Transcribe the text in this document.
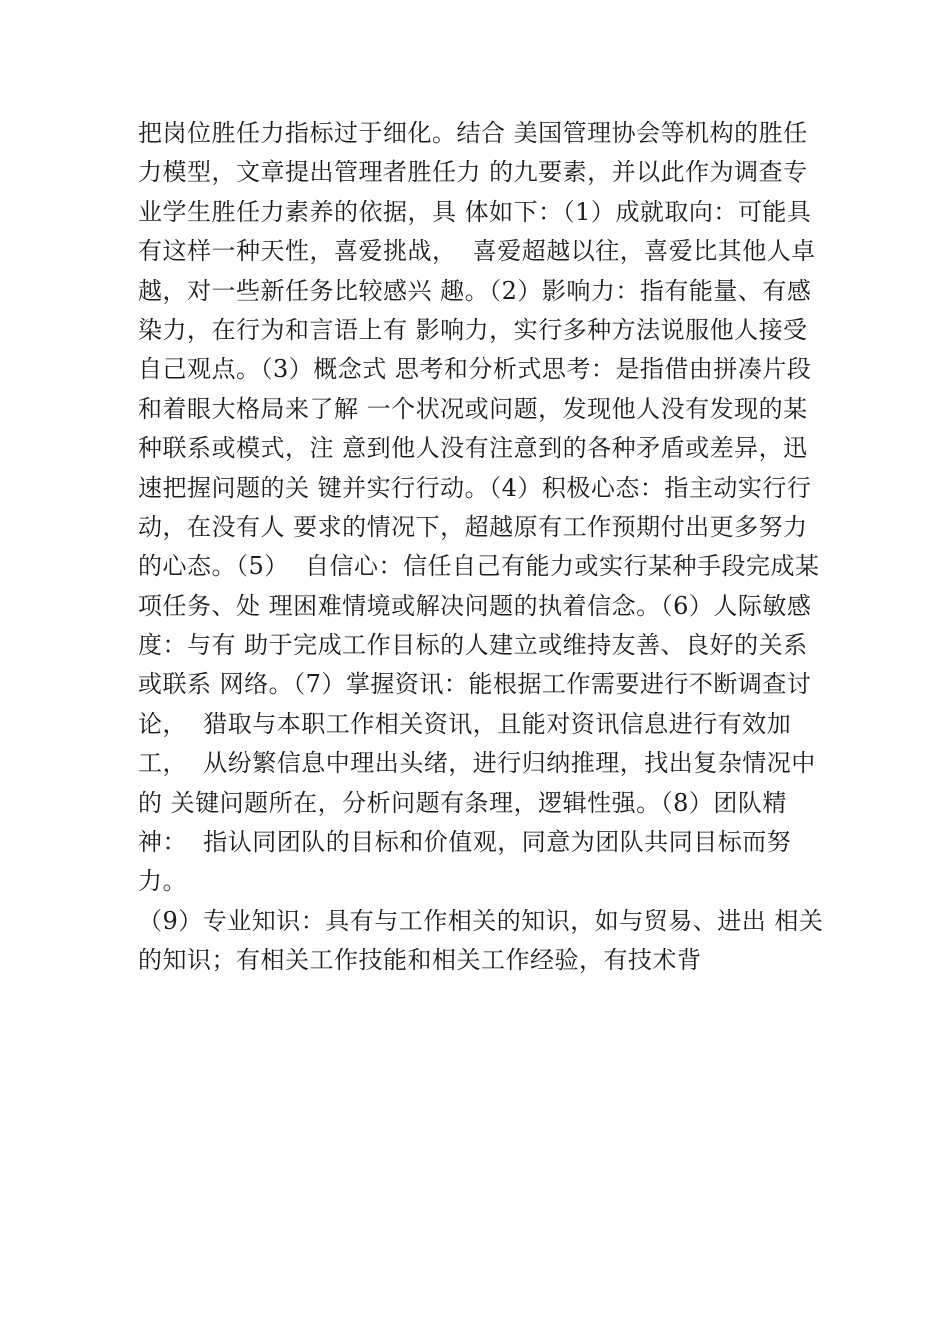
把岗位胜任力指标过于细化。结合 美国管理协会等机构的胜任
力模型，文章提出管理者胜任力 的九要素，并以此作为调查专
业学生胜任力素养的依据，具 体如下：（1）成就取向：可能具
有这样一种天性，喜爱挑战，  喜爱超越以往，喜爱比其他人卓
越，对一些新任务比较感兴 趣。（2）影响力：指有能量、有感
染力，在行为和言语上有 影响力，实行多种方法说服他人接受
自己观点。（3）概念式 思考和分析式思考：是指借由拼凑片段
和着眼大格局来了解 一个状况或问题，发现他人没有发现的某
种联系或模式，注 意到他人没有注意到的各种矛盾或差异，迅
速把握问题的关 键并实行行动。（4）积极心态：指主动实行行
动，在没有人 要求的情况下，超越原有工作预期付出更多努力
的心态。（5）  自信心：信任自己有能力或实行某种手段完成某
项任务、处 理困难情境或解决问题的执着信念。（6）人际敏感
度：与有 助于完成工作目标的人建立或维持友善、良好的关系
或联系 网络。（7）掌握资讯：能根据工作需要进行不断调查讨
论，  猎取与本职工作相关资讯，且能对资讯信息进行有效加
工，  从纷繁信息中理出头绪，进行归纳推理，找出复杂情况中
的 关键问题所在，分析问题有条理，逻辑性强。（8）团队精
神：  指认同团队的目标和价值观，同意为团队共同目标而努
力。
（9）专业知识：具有与工作相关的知识，如与贸易、进出 相关
的知识；有相关工作技能和相关工作经验，有技术背
